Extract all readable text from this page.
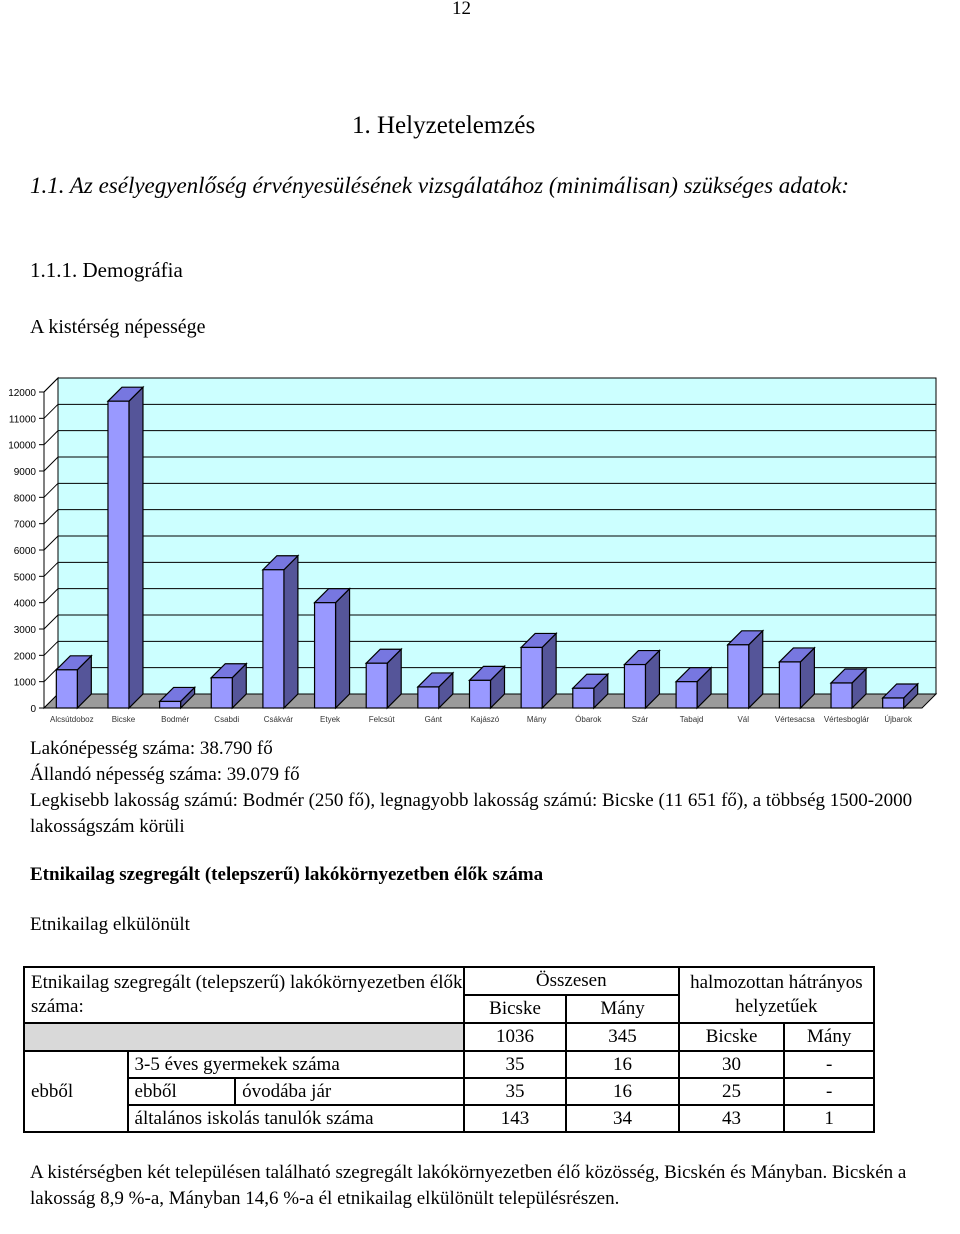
12
1. Helyzetelemzés
1.1. Az esélyegyenlőség érvényesülésének vizsgálatához (minimálisan) szükséges adatok:
1.1.1. Demográfia
A kistérség népessége
0
1000
2000
3000
4000
5000
6000
7000
8000
9000
10000
11000
12000
Alcsútdoboz Bicske	Bodmér	Csabdi	Csákvár	Etyek	Felcsút	Gánt	Kajászó	Mány	Óbarok	Szár	Tabajd	Vál	Vértesacsa Vértesboglár Újbarok
Lakónépesség száma: 38.790 fő
Állandó népesség száma: 39.079 fő
Legkisebb lakosság számú: Bodmér (250 fő), legnagyobb lakosság számú: Bicske (11 651 fő), a többség 1500-2000 lakosságszám körüli
Etnikailag szegregált (telepszerű) lakókörnyezetben élők száma
Etnikailag elkülönült
Etnikailag szegregált (telepszerű) lakókörnyezetben élők száma:			Összesen		halmozottan hátrányos helyzetűek	
			Bicske	Mány		
			1036	345	Bicske	Mány
ebből	3-5 éves gyermekek száma		35	16	30	-
	ebből	óvodába jár	35	16	25	-
	általános iskolás tanulók száma		143	34	43	1
A kistérségben két településen található szegregált lakókörnyezetben élő közösség, Bicskén és Mányban. Bicskén a lakosság 8,9 %-a, Mányban 14,6 %-a él etnikailag elkülönült településrészen.
